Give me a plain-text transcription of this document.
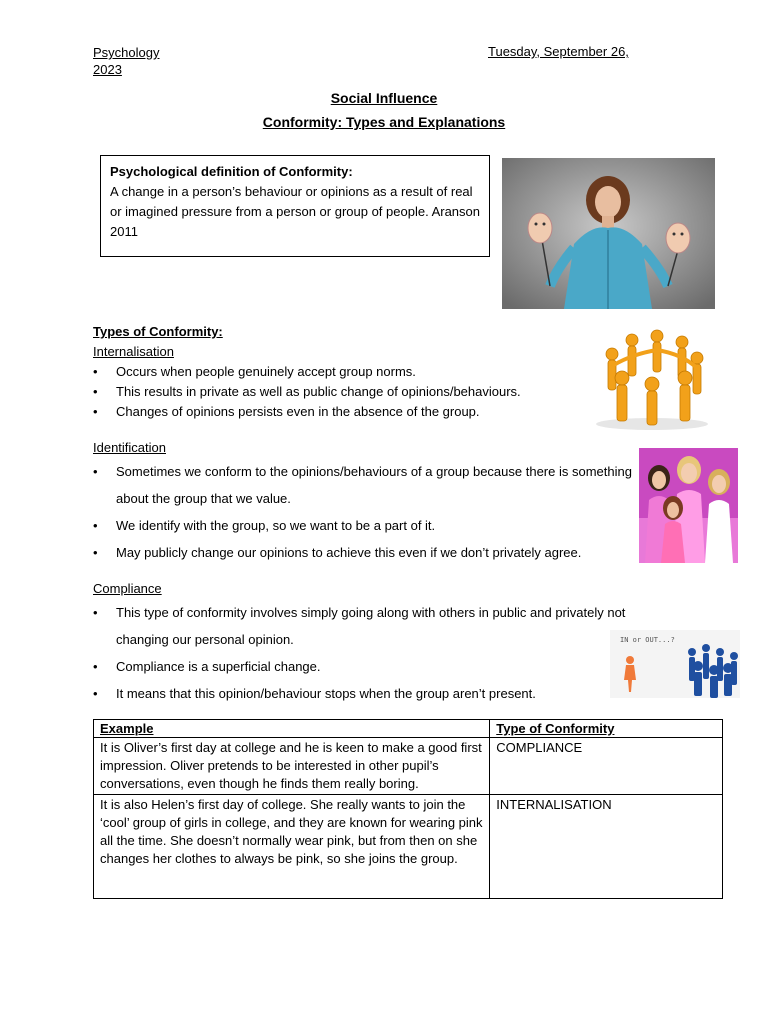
Psychology
2023
Tuesday, September 26,
Social Influence
Conformity: Types and Explanations
Psychological definition of Conformity:
A change in a person’s behaviour or opinions as a result of real or imagined pressure from a person or group of people. Aranson 2011
Types of Conformity:
Internalisation
• Occurs when people genuinely accept group norms.
• This results in private as well as public change of opinions/behaviours.
• Changes of opinions persists even in the absence of the group.
Identification
• Sometimes we conform to the opinions/behaviours of a group because there is something about the group that we value.
• We identify with the group, so we want to be a part of it.
• May publicly change our opinions to achieve this even if we don’t privately agree.
Compliance
• This type of conformity involves simply going along with others in public and privately not changing our personal opinion.
• Compliance is a superficial change.
• It means that this opinion/behaviour stops when the group aren’t present.
IN or OUT...?
Example	Type of Conformity
It is Oliver’s first day at college and he is keen to make a good first impression. Oliver pretends to be interested in other pupil’s conversations, even though he finds them really boring.	COMPLIANCE
It is also Helen’s first day of college. She really wants to join the ‘cool’ group of girls in college, and they are known for wearing pink all the time. She doesn’t normally wear pink, but from then on she changes her clothes to always be pink, so she joins the group.	INTERNALISATION
